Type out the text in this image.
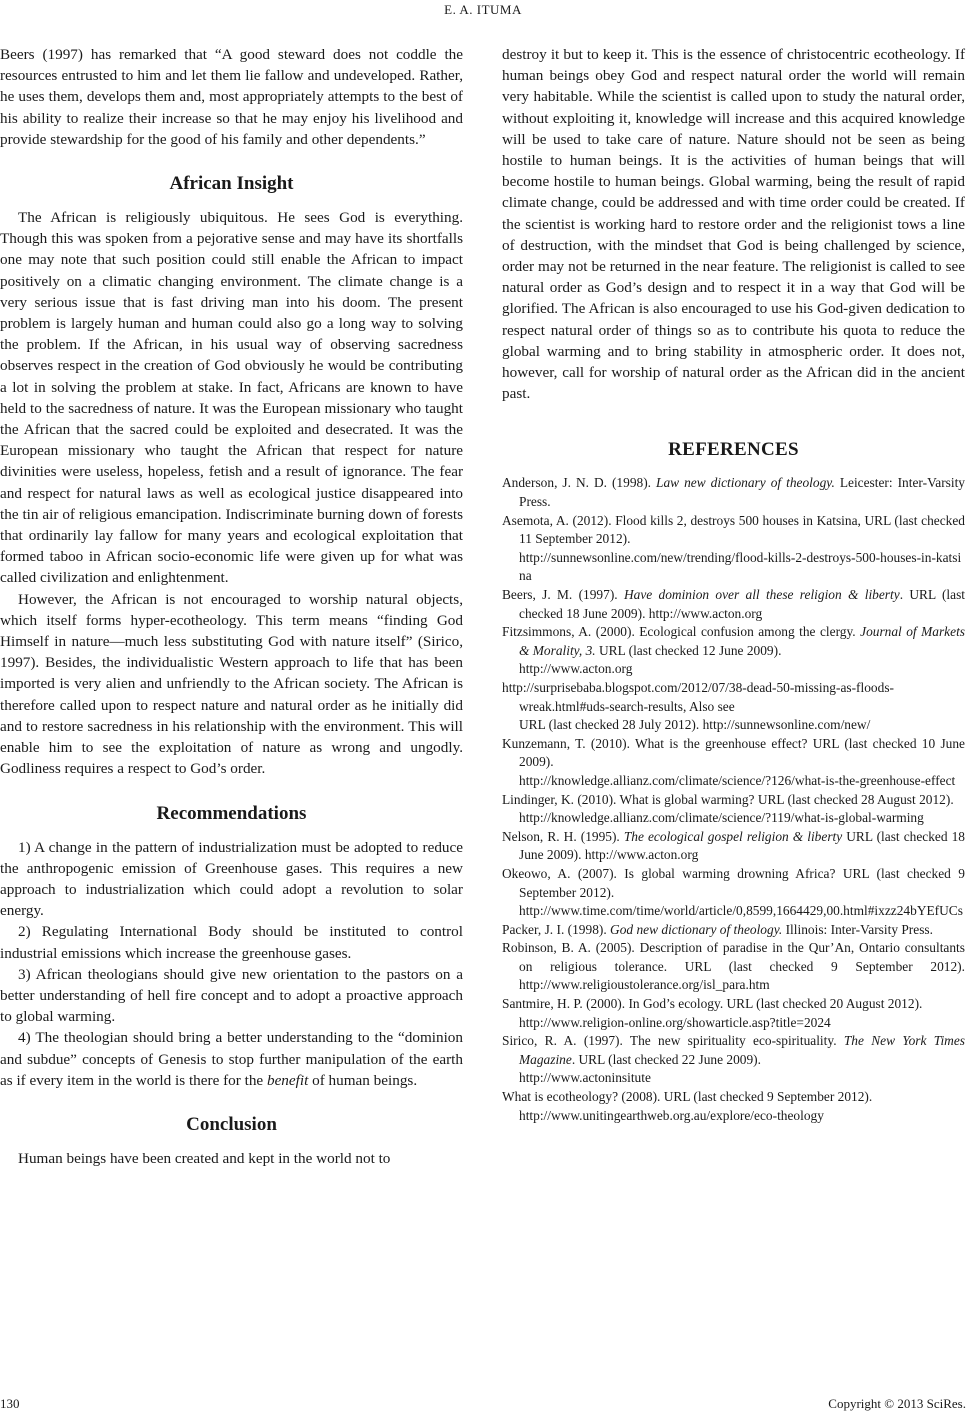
E. A. ITUMA

Beers (1997) has remarked that “A good steward does not coddle the resources entrusted to him and let them lie fallow and undeveloped. Rather, he uses them, develops them and, most appropriately attempts to the best of his ability to realize their increase so that he may enjoy his livelihood and provide stewardship for the good of his family and other dependents.”

African Insight

The African is religiously ubiquitous. He sees God is everything. Though this was spoken from a pejorative sense and may have its shortfalls one may note that such position could still enable the African to impact positively on a climatic changing environment. The climate change is a very serious issue that is fast driving man into his doom. The present problem is largely human and human could also go a long way to solving the problem. If the African, in his usual way of observing sacredness observes respect in the creation of God obviously he would be contributing a lot in solving the problem at stake. In fact, Africans are known to have held to the sacredness of nature. It was the European missionary who taught the African that the sacred could be exploited and desecrated. It was the European missionary who taught the African that respect for nature divinities were useless, hopeless, fetish and a result of ignorance. The fear and respect for natural laws as well as ecological justice disappeared into the tin air of religious emancipation. Indiscriminate burning down of forests that ordinarily lay fallow for many years and ecological exploitation that formed taboo in African socio-economic life were given up for what was called civilization and enlightenment.

However, the African is not encouraged to worship natural objects, which itself forms hyper-ecotheology. This term means “finding God Himself in nature—much less substituting God with nature itself” (Sirico, 1997). Besides, the individualistic Western approach to life that has been imported is very alien and unfriendly to the African society. The African is therefore called upon to respect nature and natural order as he initially did and to restore sacredness in his relationship with the environment. This will enable him to see the exploitation of nature as wrong and ungodly. Godliness requires a respect to God’s order.

Recommendations

1) A change in the pattern of industrialization must be adopted to reduce the anthropogenic emission of Greenhouse gases. This requires a new approach to industrialization which could adopt a revolution to solar energy.

2) Regulating International Body should be instituted to control industrial emissions which increase the greenhouse gases.

3) African theologians should give new orientation to the pastors on a better understanding of hell fire concept and to adopt a proactive approach to global warming.

4) The theologian should bring a better understanding to the “dominion and subdue” concepts of Genesis to stop further manipulation of the earth as if every item in the world is there for the benefit of human beings.

Conclusion

Human beings have been created and kept in the world not to

destroy it but to keep it. This is the essence of christocentric ecotheology. If human beings obey God and respect natural order the world will remain very habitable. While the scientist is called upon to study the natural order, without exploiting it, knowledge will increase and this acquired knowledge will be used to take care of nature. Nature should not be seen as being hostile to human beings. It is the activities of human beings that will become hostile to human beings. Global warming, being the result of rapid climate change, could be addressed and with time order could be created. If the scientist is working hard to restore order and the religionist tows a line of destruction, with the mindset that God is being challenged by science, order may not be returned in the near feature. The religionist is called to see natural order as God’s design and to respect it in a way that God will be glorified. The African is also encouraged to use his God-given dedication to respect natural order of things so as to contribute his quota to reduce the global warming and to bring stability in atmospheric order. It does not, however, call for worship of natural order as the African did in the ancient past.

REFERENCES

Anderson, J. N. D. (1998). Law new dictionary of theology. Leicester: Inter-Varsity Press.

Asemota, A. (2012). Flood kills 2, destroys 500 houses in Katsina, URL (last checked 11 September 2012).
http://sunnewsonline.com/new/trending/flood-kills-2-destroys-500-houses-in-katsina

Beers, J. M. (1997). Have dominion over all these religion & liberty. URL (last checked 18 June 2009). http://www.acton.org

Fitzsimmons, A. (2000). Ecological confusion among the clergy. Journal of Markets & Morality, 3. URL (last checked 12 June 2009).
http://www.acton.org

http://surprisebaba.blogspot.com/2012/07/38-dead-50-missing-as-floods-wreak.html#uds-search-results, Also see
URL (last checked 28 July 2012). http://sunnewsonline.com/new/

Kunzemann, T. (2010). What is the greenhouse effect? URL (last checked 10 June 2009).
http://knowledge.allianz.com/climate/science/?126/what-is-the-greenhouse-effect

Lindinger, K. (2010). What is global warming? URL (last checked 28 August 2012).
http://knowledge.allianz.com/climate/science/?119/what-is-global-warming

Nelson, R. H. (1995). The ecological gospel religion & liberty URL (last checked 18 June 2009). http://www.acton.org

Okeowo, A. (2007). Is global warming drowning Africa? URL (last checked 9 September 2012).
http://www.time.com/time/world/article/0,8599,1664429,00.html#ixzz24bYEfUCs

Packer, J. I. (1998). God new dictionary of theology. Illinois: Inter-Varsity Press.

Robinson, B. A. (2005). Description of paradise in the Qur’An, Ontario consultants on religious tolerance. URL (last checked 9 September 2012). http://www.religioustolerance.org/isl_para.htm

Santmire, H. P. (2000). In God’s ecology. URL (last checked 20 August 2012).
http://www.religion-online.org/showarticle.asp?title=2024

Sirico, R. A. (1997). The new spirituality eco-spirituality. The New York Times Magazine. URL (last checked 22 June 2009).
http://www.actoninsitute

What is ecotheology? (2008). URL (last checked 9 September 2012).
http://www.unitingearthweb.org.au/explore/eco-theology

130	Copyright © 2013 SciRes.
